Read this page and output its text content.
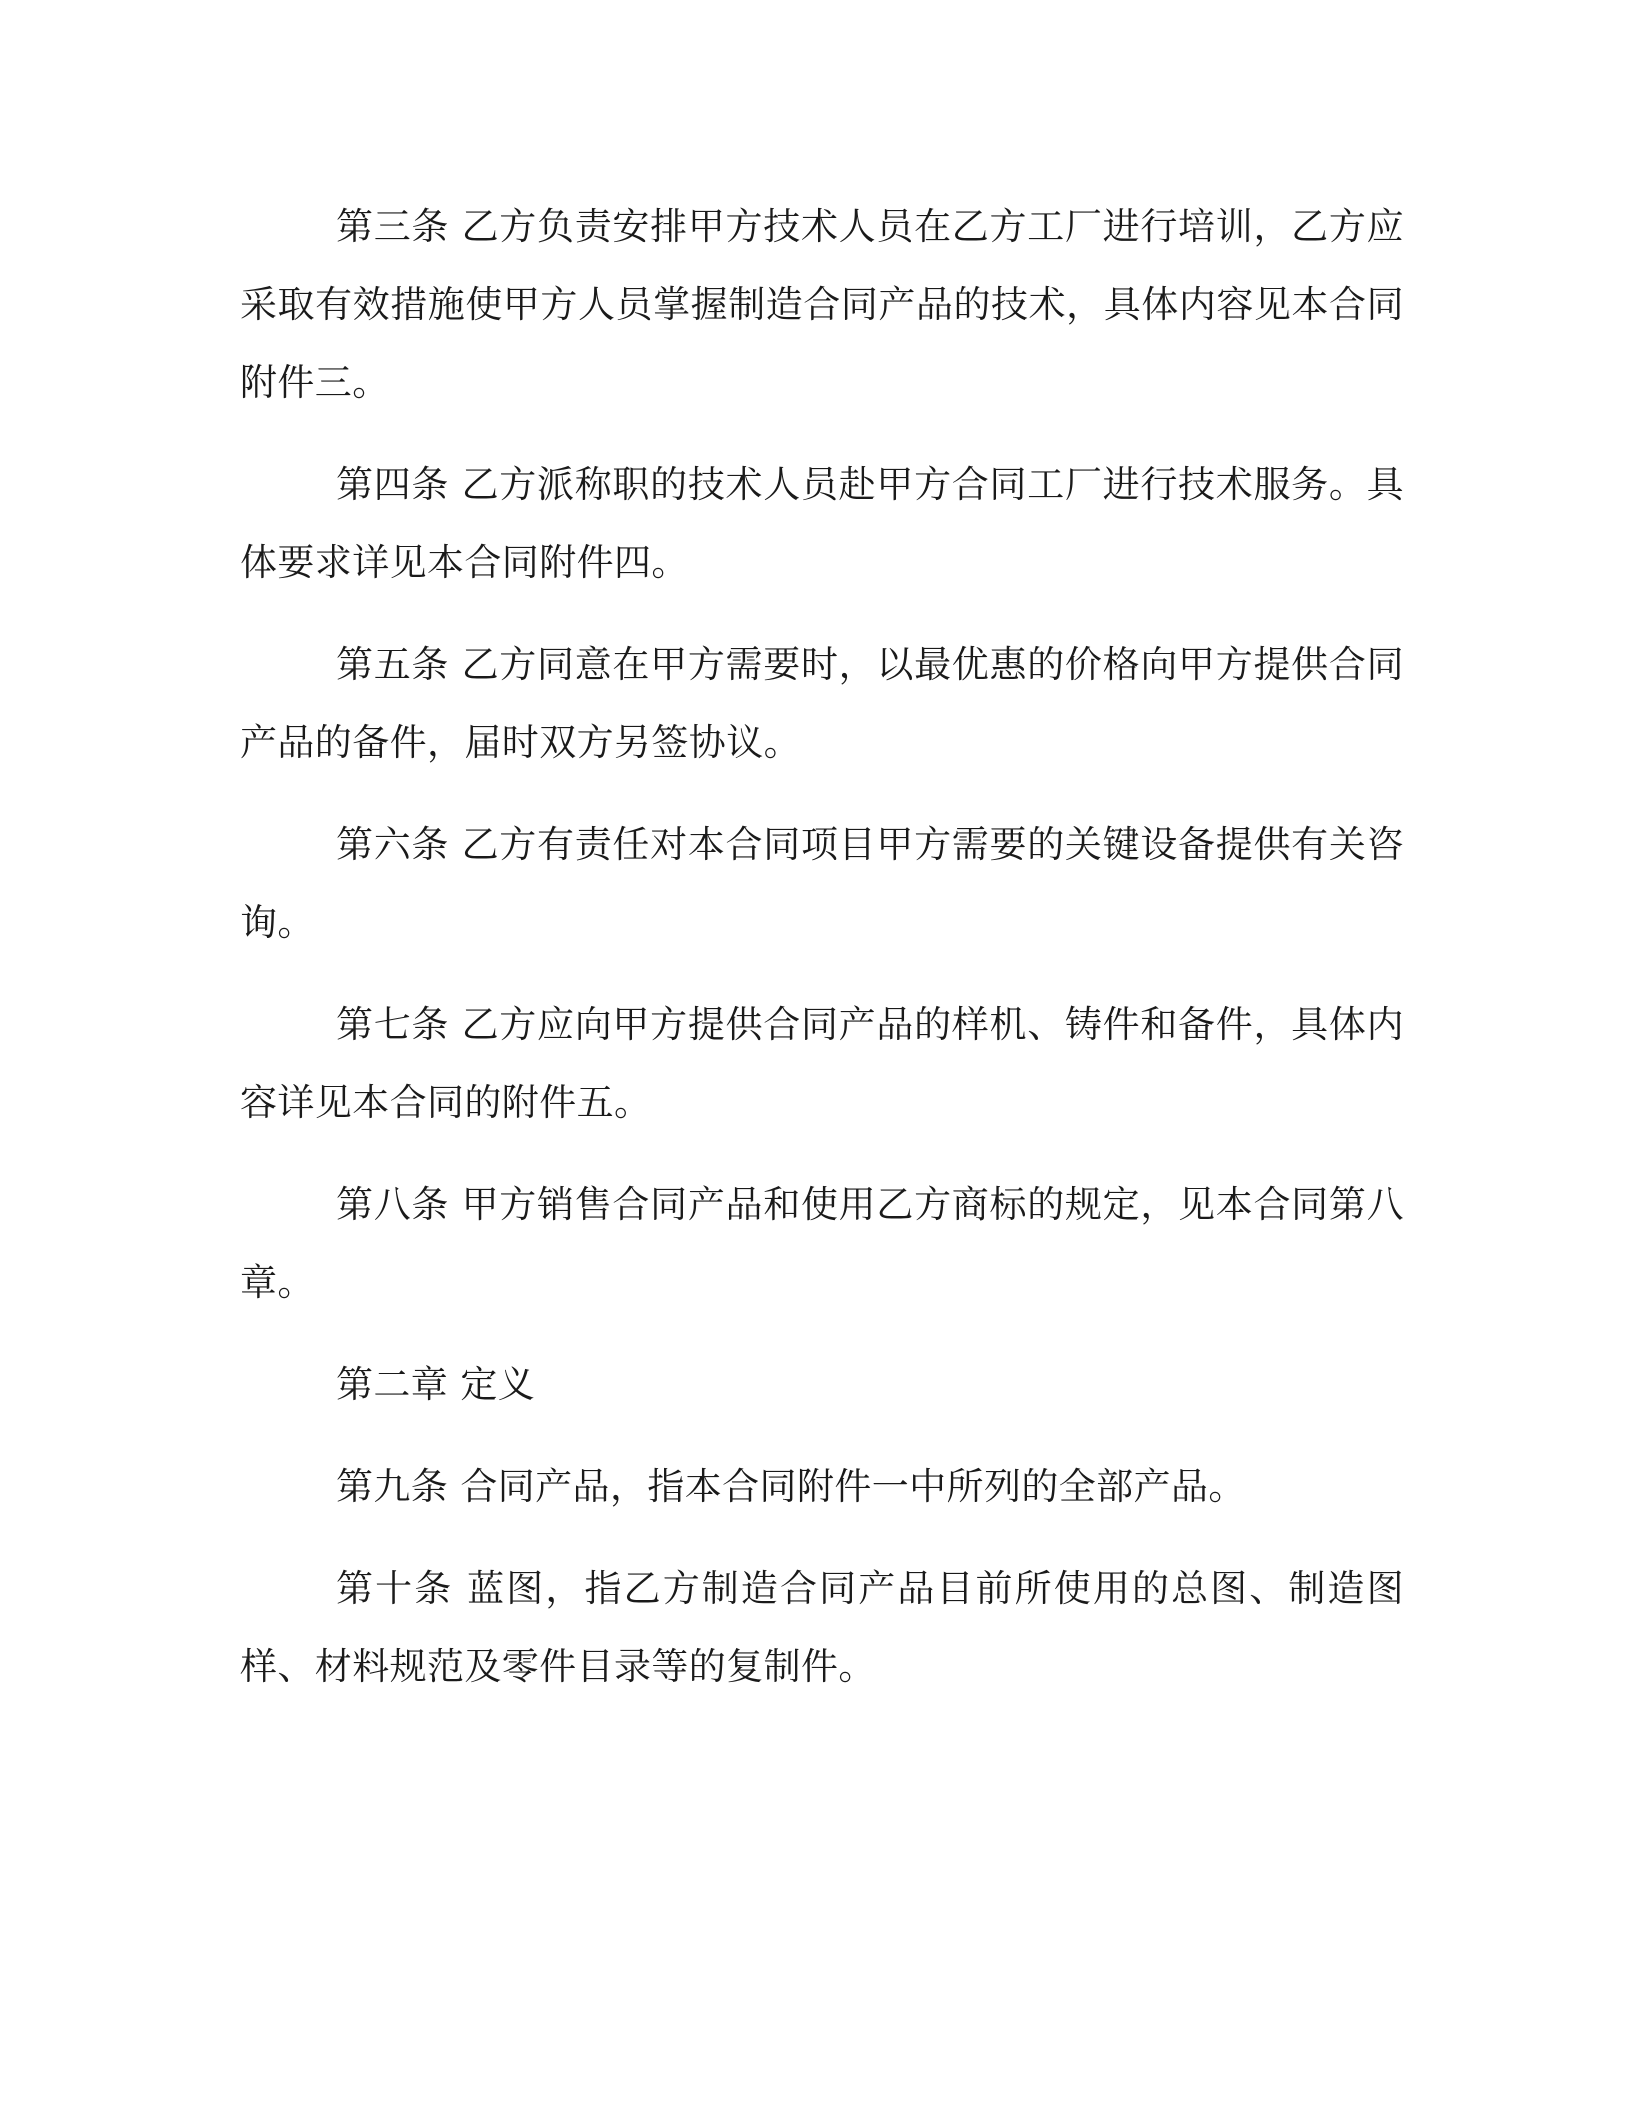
第三条 乙方负责安排甲方技术人员在乙方工厂进行培训，乙方应采取有效措施使甲方人员掌握制造合同产品的技术，具体内容见本合同附件三。

第四条 乙方派称职的技术人员赴甲方合同工厂进行技术服务。具体要求详见本合同附件四。

第五条 乙方同意在甲方需要时，以最优惠的价格向甲方提供合同产品的备件，届时双方另签协议。

第六条 乙方有责任对本合同项目甲方需要的关键设备提供有关咨询。

第七条 乙方应向甲方提供合同产品的样机、铸件和备件，具体内容详见本合同的附件五。

第八条 甲方销售合同产品和使用乙方商标的规定，见本合同第八章。

第二章 定义

第九条 合同产品，指本合同附件一中所列的全部产品。

第十条 蓝图，指乙方制造合同产品目前所使用的总图、制造图样、材料规范及零件目录等的复制件。
